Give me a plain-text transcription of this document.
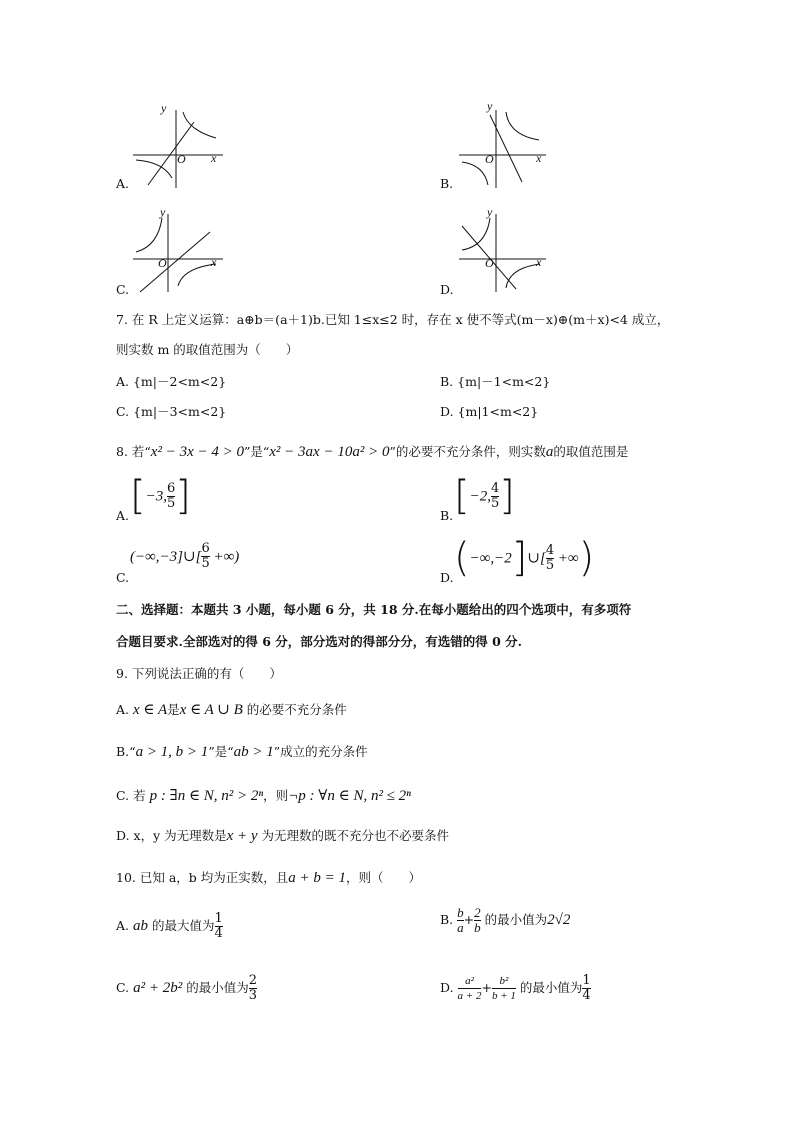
A.
y
x
O
B.
y
x
O
C.
y
x
O
D.
y
x
O
7. 在 R 上定义运算：a⊕b＝(a＋1)b.已知 1≤x≤2 时，存在 x 使不等式(m－x)⊕(m＋x)<4 成立，
则实数 m 的取值范围为（　　）
A. {m|－2<m<2}	B. {m|－1<m<2}
C. {m|－3<m<2}	D. {m|1<m<2}
8. 若“x² − 3x − 4 > 0”是“x² − 3ax − 10a² > 0”的必要不充分条件，则实数a的取值范围是
A. [−3, $\frac{6}{5}$ ]	B. [−2, $\frac{4}{5}$ ]
C.
(−∞,−3]∪[ $\frac{6}{5}$ +∞)
D. (−∞,−2]∪[ $\frac{4}{5}$ +∞)
二、选择题：本题共 3 小题，每小题 6 分，共 18 分.在每小题给出的四个选项中，有多项符
合题目要求.全部选对的得 6 分，部分选对的得部分分，有选错的得 0 分.
9. 下列说法正确的有（　　）
A. x ∈ A是x ∈ A ∪ B 的必要不充分条件
B.“a > 1, b > 1”是“ab > 1”成立的充分条件
C. 若 p : ∃n ∈ N, n² > 2ⁿ，则¬p : ∀n ∈ N, n² ≤ 2ⁿ
D. x，y 为无理数是x + y 为无理数的既不充分也不必要条件
10. 已知 a，b 均为正实数，且a + b = 1，则（　　）
A. ab 的最大值为 $\frac{1}{4}$	B. $\frac{b}{a} + \frac{2}{b}$ 的最小值为2√2
C. a² + 2b² 的最小值为 $\frac{2}{3}$	D. $\frac{\text{a²}}{a + 2} + \frac{\text{b²}}{b + 1}$ 的最小值为 $\frac{1}{4}$
